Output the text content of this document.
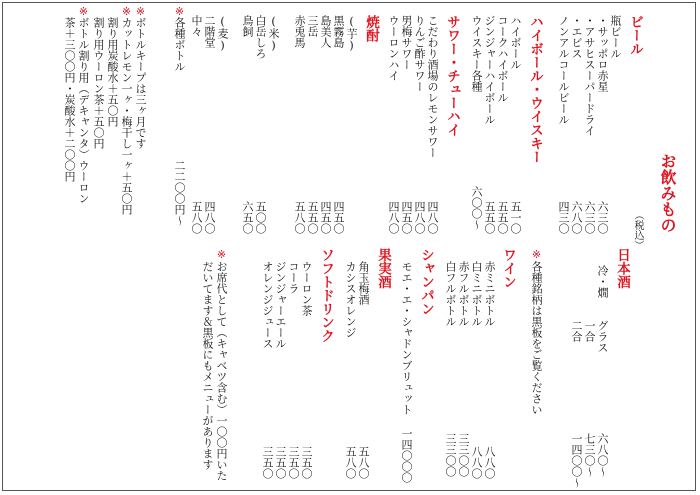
お飲みもの
ビール
瓶ビール
・サッポロ赤星
・アサヒスーパードライ
・エビス
ノンアルコールビール
六三〇
六三〇
六八〇
四三〇	（税込）
ハイボール・ウイスキー
ハイボール
コークハイボール
ジンジャーハイボール
ウイスキー各種
五一〇
五五〇
五五〇
六〇〇〜
サワー・チューハイ
こだわり酒場のレモンサワー
りんご酢サワー
男梅サワー
ウーロンハイ
四八〇
四八〇
四五〇
四八〇
焼酎
(芋)
黒霧島
島美人
三岳
赤兎馬
四五〇
四五〇
五五〇
五八〇
(米)
白岳しろ
鳥飼
五〇〇
六五〇
(麦)
二階堂
中々
四八〇
五八〇
※
各種ボトル
二二〇〇円〜
※
ボトルキープは三ヶ月です
※
カットレモン一ヶ・梅干し一ヶ＋五〇円
割り用炭酸水＋五〇円
割り用ウーロン茶＋五〇円
※
ボトル割り用（デキャンタ）ウーロン
茶＋三〇〇円・炭酸水＋二〇〇円
日本酒
冷・燗　　グラス
　　　　　一合
　　　　　二合
六八〇〜
七三〇〜
一四〇〇〜
※
各種銘柄は黒板をご覧ください
ワイン
赤ミニボトル
白ミニボトル
赤フルボトル
白フルボトル
八八〇
八八〇
三三〇〇
三三〇〇
シャンパン
モエ・エ・シャドンブリュット
一四〇〇〇
果実酒
角玉梅酒
カシスオレンジ
五八〇
五八〇
ソフトドリンク
ウーロン茶
コーラ
ジンジャーエール
オレンジジュース
三五〇
三五〇
三五〇
三五〇
※
お席代として（キャベツ含む）一〇〇円いた
だいてます＆黒板にもメニューがあります
